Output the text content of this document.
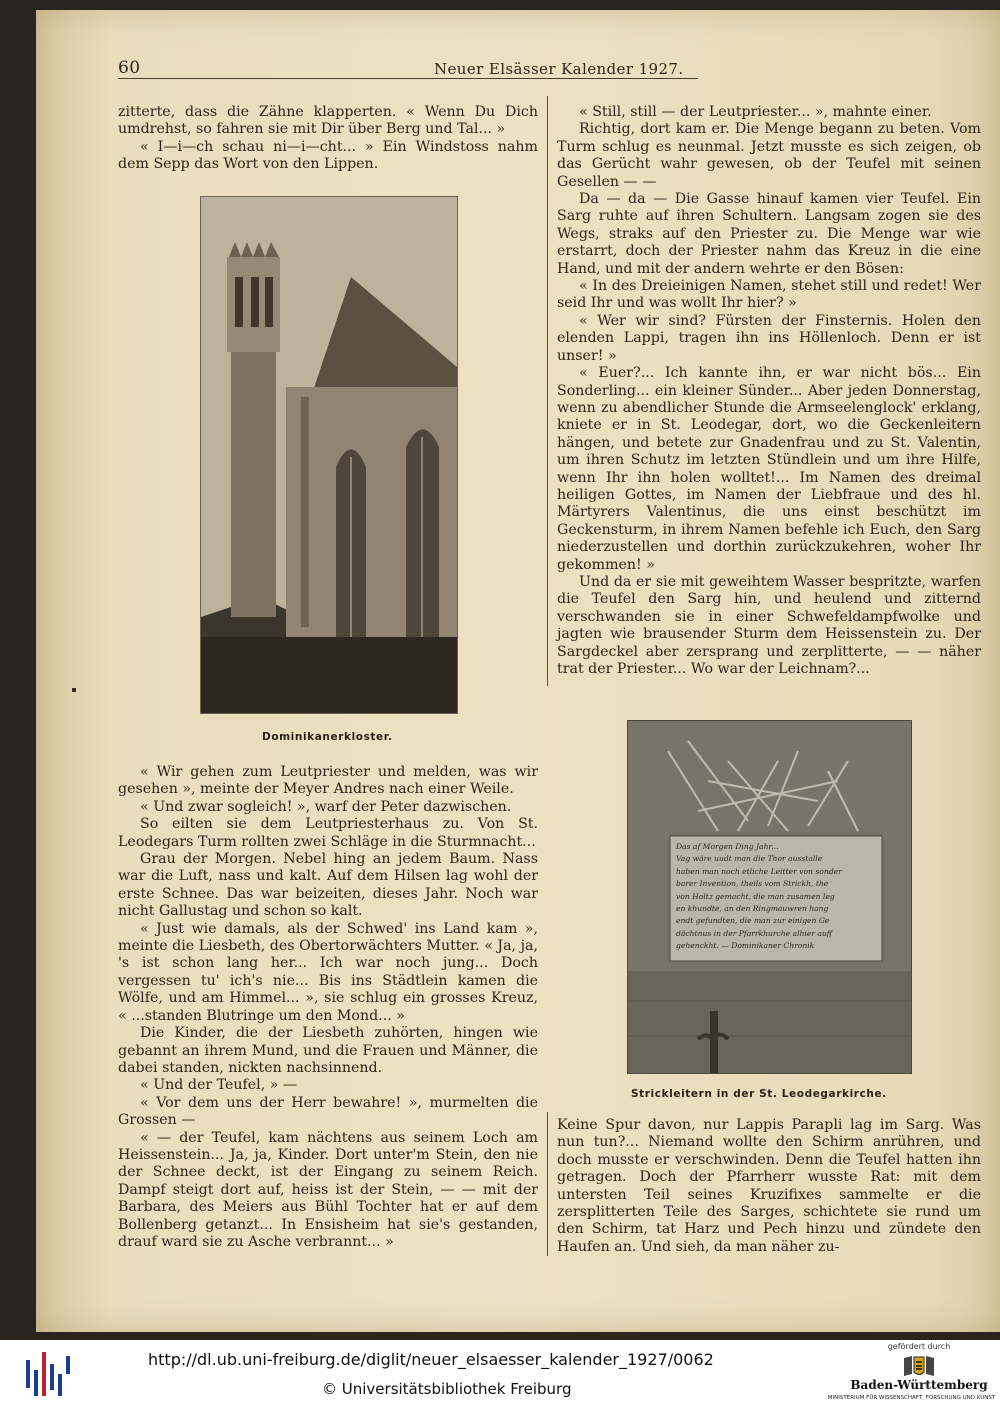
60	Neuer Elsässer Kalender 1927.

zitterte, dass die Zähne klapperten. « Wenn Du Dich umdrehst, so fahren sie mit Dir über Berg und Tal... »

« I—i—ch schau ni—i—cht... » Ein Windstoss nahm dem Sepp das Wort von den Lippen.

Dominikanerkloster.

« Wir gehen zum Leutpriester und melden, was wir gesehen », meinte der Meyer Andres nach einer Weile.

« Und zwar sogleich! », warf der Peter dazwischen.

So eilten sie dem Leutpriesterhaus zu. Von St. Leodegars Turm rollten zwei Schläge in die Sturmnacht...

Grau der Morgen. Nebel hing an jedem Baum. Nass war die Luft, nass und kalt. Auf dem Hilsen lag wohl der erste Schnee. Das war beizeiten, dieses Jahr. Noch war nicht Gallustag und schon so kalt.

« Just wie damals, als der Schwed' ins Land kam », meinte die Liesbeth, des Obertorwächters Mutter. « Ja, ja, 's ist schon lang her... Ich war noch jung... Doch vergessen tu' ich's nie... Bis ins Städtlein kamen die Wölfe, und am Himmel... », sie schlug ein grosses Kreuz, « ...standen Blutringe um den Mond... »

Die Kinder, die der Liesbeth zuhörten, hingen wie gebannt an ihrem Mund, und die Frauen und Männer, die dabei standen, nickten nachsinnend.

« Und der Teufel, » —

« Vor dem uns der Herr bewahre! », murmelten die Grossen —

« — der Teufel, kam nächtens aus seinem Loch am Heissenstein... Ja, ja, Kinder. Dort unter'm Stein, den nie der Schnee deckt, ist der Eingang zu seinem Reich. Dampf steigt dort auf, heiss ist der Stein, — — mit der Barbara, des Meiers aus Bühl Tochter hat er auf dem Bollenberg getanzt... In Ensisheim hat sie's gestanden, drauf ward sie zu Asche verbrannt... »

« Still, still — der Leutpriester... », mahnte einer.

Richtig, dort kam er. Die Menge begann zu beten. Vom Turm schlug es neunmal. Jetzt musste es sich zeigen, ob das Gerücht wahr gewesen, ob der Teufel mit seinen Gesellen — —

Da — da — Die Gasse hinauf kamen vier Teufel. Ein Sarg ruhte auf ihren Schultern. Langsam zogen sie des Wegs, straks auf den Priester zu. Die Menge war wie erstarrt, doch der Priester nahm das Kreuz in die eine Hand, und mit der andern wehrte er den Bösen:

« In des Dreieinigen Namen, stehet still und redet! Wer seid Ihr und was wollt Ihr hier? »

« Wer wir sind? Fürsten der Finsternis. Holen den elenden Lappi, tragen ihn ins Höllenloch. Denn er ist unser! »

« Euer?... Ich kannte ihn, er war nicht bös... Ein Sonderling... ein kleiner Sünder... Aber jeden Donnerstag, wenn zu abendlicher Stunde die Armseelenglock' erklang, kniete er in St. Leodegar, dort, wo die Geckenleitern hängen, und betete zur Gnadenfrau und zu St. Valentin, um ihren Schutz im letzten Stündlein und um ihre Hilfe, wenn Ihr ihn holen wolltet!... Im Namen des dreimal heiligen Gottes, im Namen der Liebfraue und des hl. Märtyrers Valentinus, die uns einst beschützt im Geckensturm, in ihrem Namen befehle ich Euch, den Sarg niederzustellen und dorthin zurückzukehren, woher Ihr gekommen! »

Und da er sie mit geweihtem Wasser bespritzte, warfen die Teufel den Sarg hin, und heulend und zitternd verschwanden sie in einer Schwefeldampfwolke und jagten wie brausender Sturm dem Heissenstein zu. Der Sargdeckel aber zersprang und zerplitterte, — — näher trat der Priester... Wo war der Leichnam?...

Das af Morgen Ding Jahr...
Vag wäre uudt man die Thor ausstalle
haben man noch etliche Leitter von sonder
barer Invention, theils vom Strickh, the
von Holtz gemacht, die man zusamen leg
en khundte, an den Ringmauwren hang
endt gefundten, die man zur einigen Ge
dächtnus in der Pfarrkhurche alhier auff
gehenckht. — Dominikaner Chronik
Strickleitern in der St. Leodegarkirche.

Keine Spur davon, nur Lappis Parapli lag im Sarg. Was nun tun?... Niemand wollte den Schirm anrühren, und doch musste er verschwinden. Denn die Teufel hatten ihn getragen. Doch der Pfarrherr wusste Rat: mit dem untersten Teil seines Kruzifixes sammelte er die zersplitterten Teile des Sarges, schichtete sie rund um den Schirm, tat Harz und Pech hinzu und zündete den Haufen an. Und sieh, da man näher zu-

http://dl.ub.uni-freiburg.de/diglit/neuer_elsaesser_kalender_1927/0062
© Universitätsbibliothek Freiburg
gefördert durch
Baden-Württemberg
MINISTERIUM FÜR WISSENSCHAFT, FORSCHUNG UND KUNST
